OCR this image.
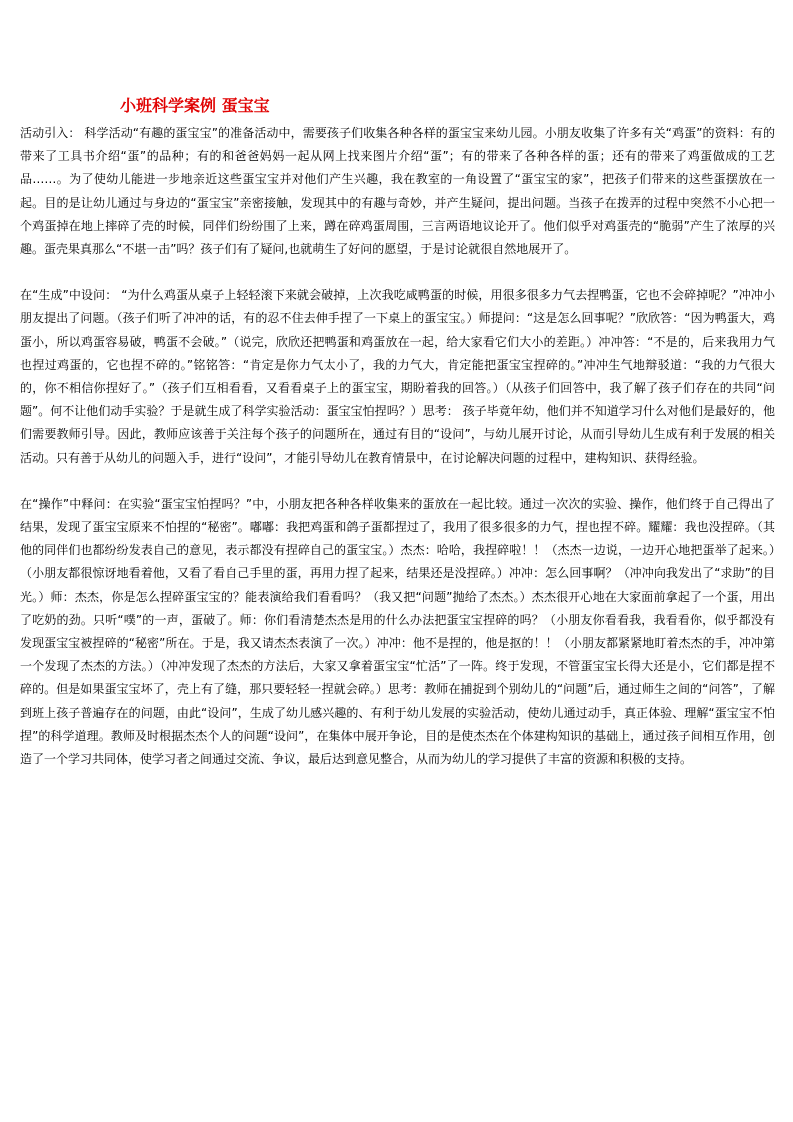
小班科学案例 蛋宝宝

活动引入： 科学活动“有趣的蛋宝宝”的准备活动中，需要孩子们收集各种各样的蛋宝宝来幼儿园。小朋友收集了许多有关“鸡蛋”的资料：有的带来了工具书介绍“蛋”的品种；有的和爸爸妈妈一起从网上找来图片介绍“蛋”；有的带来了各种各样的蛋；还有的带来了鸡蛋做成的工艺品……。为了使幼儿能进一步地亲近这些蛋宝宝并对他们产生兴趣，我在教室的一角设置了“蛋宝宝的家”，把孩子们带来的这些蛋摆放在一起。目的是让幼儿通过与身边的“蛋宝宝”亲密接触，发现其中的有趣与奇妙，并产生疑问，提出问题。当孩子在拨弄的过程中突然不小心把一个鸡蛋掉在地上摔碎了壳的时候，同伴们纷纷围了上来，蹲在碎鸡蛋周围，三言两语地议论开了。他们似乎对鸡蛋壳的“脆弱”产生了浓厚的兴趣。蛋壳果真那么“不堪一击”吗？孩子们有了疑问,也就萌生了好问的愿望，于是讨论就很自然地展开了。

在“生成”中设问： “为什么鸡蛋从桌子上轻轻滚下来就会破掉，上次我吃咸鸭蛋的时候，用很多很多力气去捏鸭蛋，它也不会碎掉呢？”冲冲小朋友提出了问题。（孩子们听了冲冲的话，有的忍不住去伸手捏了一下桌上的蛋宝宝。）师提问：“这是怎么回事呢？”欣欣答：“因为鸭蛋大，鸡蛋小，所以鸡蛋容易破，鸭蛋不会破。”（说完，欣欣还把鸭蛋和鸡蛋放在一起，给大家看它们大小的差距。）冲冲答：“不是的，后来我用力气也捏过鸡蛋的，它也捏不碎的。”铭铭答：“肯定是你力气太小了，我的力气大，肯定能把蛋宝宝捏碎的。”冲冲生气地辩驳道：“我的力气很大的，你不相信你捏好了。”（孩子们互相看看，又看看桌子上的蛋宝宝，期盼着我的回答。）（从孩子们回答中，我了解了孩子们存在的共同“问题”。何不让他们动手实验？于是就生成了科学实验活动：蛋宝宝怕捏吗？）思考： 孩子毕竟年幼，他们并不知道学习什么对他们是最好的，他们需要教师引导。因此，教师应该善于关注每个孩子的问题所在，通过有目的“设问”，与幼儿展开讨论，从而引导幼儿生成有利于发展的相关活动。只有善于从幼儿的问题入手，进行“设问”，才能引导幼儿在教育情景中，在讨论解决问题的过程中，建构知识、获得经验。

在“操作”中释问：在实验“蛋宝宝怕捏吗？”中，小朋友把各种各样收集来的蛋放在一起比较。通过一次次的实验、操作，他们终于自己得出了结果，发现了蛋宝宝原来不怕捏的“秘密”。嘟嘟：我把鸡蛋和鸽子蛋都捏过了，我用了很多很多的力气，捏也捏不碎。耀耀：我也没捏碎。（其他的同伴们也都纷纷发表自己的意见，表示都没有捏碎自己的蛋宝宝。）杰杰：哈哈，我捏碎啦！！（杰杰一边说，一边开心地把蛋举了起来。）（小朋友都很惊讶地看着他，又看了看自己手里的蛋，再用力捏了起来，结果还是没捏碎。）冲冲：怎么回事啊？（冲冲向我发出了“求助”的目光。）师：杰杰，你是怎么捏碎蛋宝宝的？能表演给我们看看吗？（我又把“问题”抛给了杰杰。）杰杰很开心地在大家面前拿起了一个蛋，用出了吃奶的劲。只听“噗”的一声，蛋破了。师：你们看清楚杰杰是用的什么办法把蛋宝宝捏碎的吗？（小朋友你看看我，我看看你，似乎都没有发现蛋宝宝被捏碎的“秘密”所在。于是，我又请杰杰表演了一次。）冲冲：他不是捏的，他是抠的！！（小朋友都紧紧地盯着杰杰的手，冲冲第一个发现了杰杰的方法。）（冲冲发现了杰杰的方法后，大家又拿着蛋宝宝“忙活”了一阵。终于发现，不管蛋宝宝长得大还是小，它们都是捏不碎的。但是如果蛋宝宝坏了，壳上有了缝，那只要轻轻一捏就会碎。）思考：教师在捕捉到个别幼儿的“问题”后，通过师生之间的“问答”，了解到班上孩子普遍存在的问题，由此“设问”，生成了幼儿感兴趣的、有利于幼儿发展的实验活动，使幼儿通过动手，真正体验、理解“蛋宝宝不怕捏”的科学道理。教师及时根据杰杰个人的问题“设问”，在集体中展开争论，目的是使杰杰在个体建构知识的基础上，通过孩子间相互作用，创造了一个学习共同体，使学习者之间通过交流、争议，最后达到意见整合，从而为幼儿的学习提供了丰富的资源和积极的支持。
